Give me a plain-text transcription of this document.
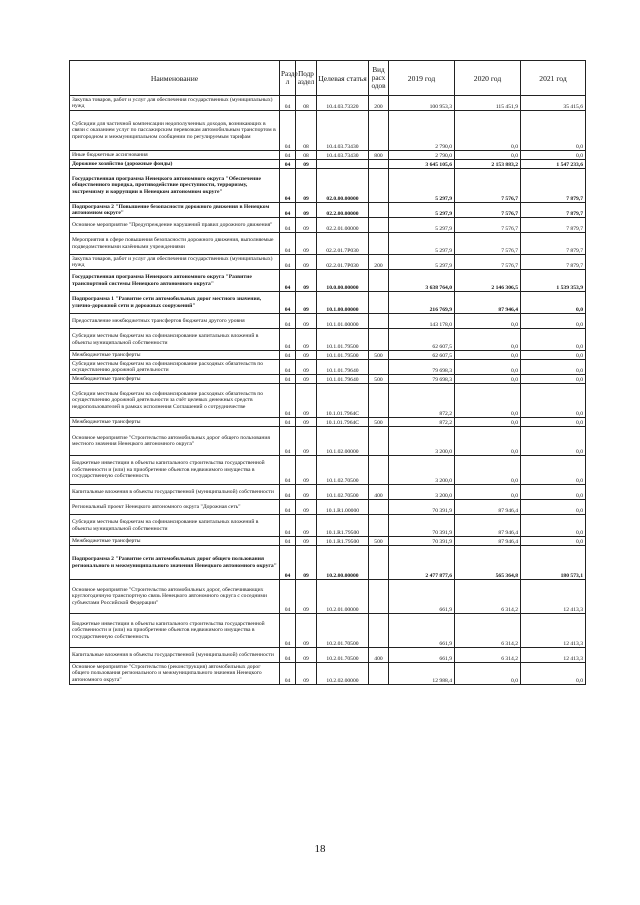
Наименование	Разде л	Подр аздел	Целевая статья	Вид расх одов	2019 год	2020 год	2021 год
Закупка товаров, работ и услуг для обеспечения государственных (муниципальных) нужд	04	08	10.4.03.73320	200	100 953,3	115 451,9	35 415,6
Субсидии для частичной компенсации недополученных доходов, возникающих в связи с оказанием услуг по пассажирским перевозкам автомобильным транспортом в пригородном и межмуниципальном сообщении по регулируемым тарифам	04	08	10.4.03.73430		2 790,0	0,0	0,0
Иные бюджетные ассигнования	04	08	10.4.03.73430	800	2 790,0	0,0	0,0
Дорожное хозяйство (дорожные фонды)	04	09			3 645 105,6	2 153 883,2	1 547 233,6
Государственная программа Ненецкого автономного округа "Обеспечение общественного порядка, противодействие преступности, терроризму, экстремизму и коррупции в Ненецком автономном округе"	04	09	02.0.00.00000		5 297,9	7 576,7	7 879,7
Подпрограмма 2 "Повышение безопасности дорожного движения в Ненецком автономном округе"	04	09	02.2.00.00000		5 297,9	7 576,7	7 879,7
Основное мероприятие "Предупреждение нарушений правил дорожного движения"	04	09	02.2.01.00000		5 297,9	7 576,7	7 879,7
Мероприятия в сфере повышения безопасности дорожного движения, выполняемые подведомственными казёнными учреждениями	04	09	02.2.01.7Р030		5 297,9	7 576,7	7 879,7
Закупка товаров, работ и услуг для обеспечения государственных (муниципальных) нужд	04	09	02.2.01.7Р030	200	5 297,9	7 576,7	7 879,7
Государственная программа Ненецкого автономного округа "Развитие транспортной системы Ненецкого автономного округа"	04	09	10.0.00.00000		3 638 764,0	2 146 306,5	1 539 353,9
Подпрограмма 1 "Развитие сети автомобильных дорог местного значения, улично-дорожной сети и дорожных сооружений"	04	09	10.1.00.00000		216 769,9	87 946,4	0,0
Предоставление межбюджетных трансфертов бюджетам другого уровня	04	09	10.1.01.00000		143 178,0	0,0	0,0
Субсидии местным бюджетам на софинансирование капитальных вложений в объекты муниципальной собственности	04	09	10.1.01.79500		62 607,5	0,0	0,0
Межбюджетные трансферты	04	09	10.1.01.79500	500	62 607,5	0,0	0,0
Субсидии местным бюджетам на софинансирование расходных обязательств по осуществлению дорожной деятельности	04	09	10.1.01.79640		79 698,3	0,0	0,0
Межбюджетные трансферты	04	09	10.1.01.79640	500	79 698,3	0,0	0,0
Субсидии местным бюджетам на софинансирование расходных обязательств по осуществлению дорожной деятельности за счёт целевых денежных средств недропользователей в рамках исполнения Соглашений о сотрудничестве	04	09	10.1.01.7964С		872,2	0,0	0,0
Межбюджетные трансферты	04	09	10.1.01.7964С	500	872,2	0,0	0,0
Основное мероприятие "Строительство автомобильных дорог общего пользования местного значения Ненецкого автономного округа"	04	09	10.1.02.00000		3 200,0	0,0	0,0
Бюджетные инвестиции в объекты капитального строительства государственной собственности и (или) на приобретение объектов недвижимого имущества в государственную собственность	04	09	10.1.02.70500		3 200,0	0,0	0,0
Капитальные вложения в объекты государственной (муниципальной) собственности	04	09	10.1.02.70500	400	3 200,0	0,0	0,0
Региональный проект Ненецкого автономного округа "Дорожная сеть"	04	09	10.1.R1.00000		70 391,9	87 946,4	0,0
Субсидии местным бюджетам на софинансирование капитальных вложений в объекты муниципальной собственности	04	09	10.1.R1.79500		70 391,9	87 946,4	0,0
Межбюджетные трансферты	04	09	10.1.R1.79500	500	70 391,9	87 946,4	0,0
Подпрограмма 2 "Развитие сети автомобильных дорог общего пользования регионального и межмуниципального значения Ненецкого автономного округа"	04	09	10.2.00.00000		2 477 877,6	565 364,8	180 573,1
Основное мероприятие "Строительство автомобильных дорог, обеспечивающих круглогодичную транспортную связь Ненецкого автономного округа с соседними субъектами Российской Федерации"	04	09	10.2.01.00000		661,9	6 314,2	12 413,3
Бюджетные инвестиции в объекты капитального строительства государственной собственности и (или) на приобретение объектов недвижимого имущества в государственную собственность	04	09	10.2.01.70500		661,9	6 314,2	12 413,3
Капитальные вложения в объекты государственной (муниципальной) собственности	04	09	10.2.01.70500	400	661,9	6 314,2	12 413,3
Основное мероприятие "Строительство (реконструкция) автомобильных дорог общего пользования регионального и межмуниципального значения Ненецкого автономного округа"	04	09	10.2.02.00000		12 988,4	0,0	0,0
18
